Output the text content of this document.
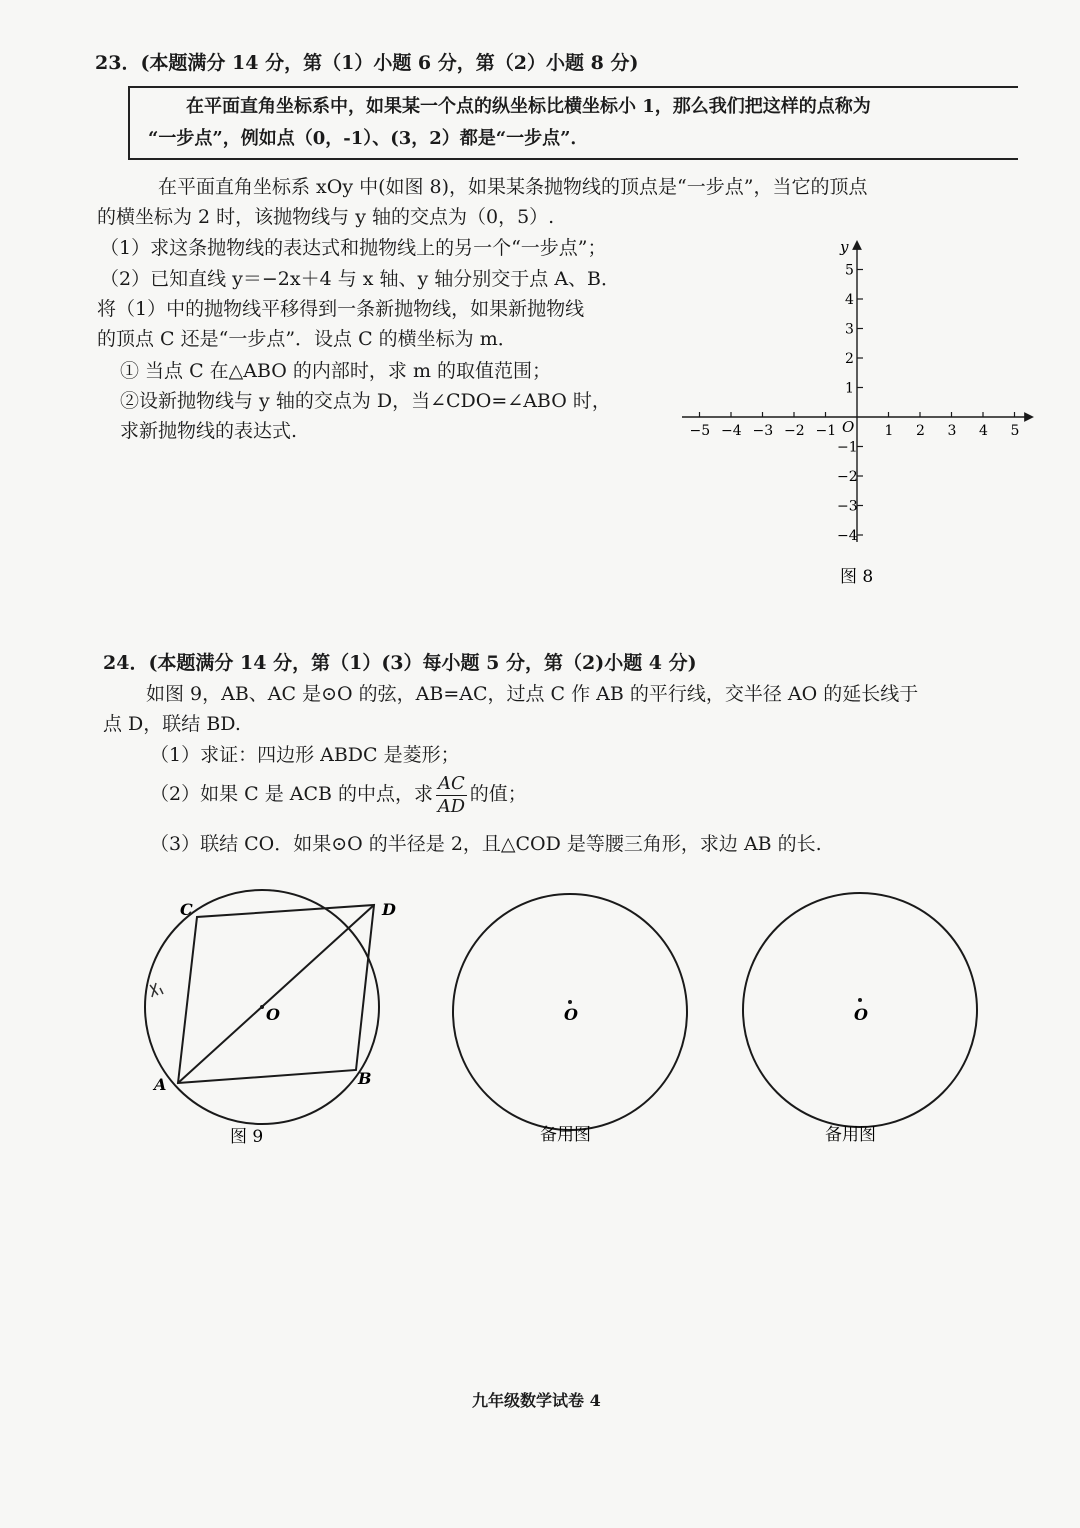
23．(本题满分 14 分，第（1）小题 6 分，第（2）小题 8 分)
在平面直角坐标系中，如果某一个点的纵坐标比横坐标小 1，那么我们把这样的点称为
“一步点”，例如点（0，-1）、(3，2）都是“一步点”．
在平面直角坐标系 xOy 中(如图 8)，如果某条抛物线的顶点是“一步点”，当它的顶点
的横坐标为 2 时，该抛物线与 y 轴的交点为（0，5）.
（1）求这条抛物线的表达式和抛物线上的另一个“一步点”；
（2）已知直线 y＝−2x＋4 与 x 轴、y 轴分别交于点 A、B．
将（1）中的抛物线平移得到一条新抛物线，如果新抛物线
的顶点 C 还是“一步点”．设点 C 的横坐标为 m．
① 当点 C 在△ABO 的内部时，求 m 的取值范围；
②设新抛物线与 y 轴的交点为 D，当∠CDO=∠ABO 时，
求新抛物线的表达式.	−5 −4 −3 −2 −1	1 2 3 4 5
5
4
3
2
1
−1
−2
−3
−4
y
O
图 8
24．(本题满分 14 分，第（1）(3）每小题 5 分，第（2)小题 4 分)
如图 9，AB、AC 是⊙O 的弦，AB=AC，过点 C 作 AB 的平行线，交半径 AO 的延长线于
点 D，联结 BD.
（1）求证：四边形 ABDC 是菱形；
（2）如果 C 是 ACB 的中点，求 $\frac{AC}{AD}$ 的值；
（3）联结 CO．如果⊙O 的半径是 2，且△COD 是等腰三角形，求边 AB 的长.
C	D
O
A	B
图 9
O
备用图
O
备用图
九年级数学试卷 4
